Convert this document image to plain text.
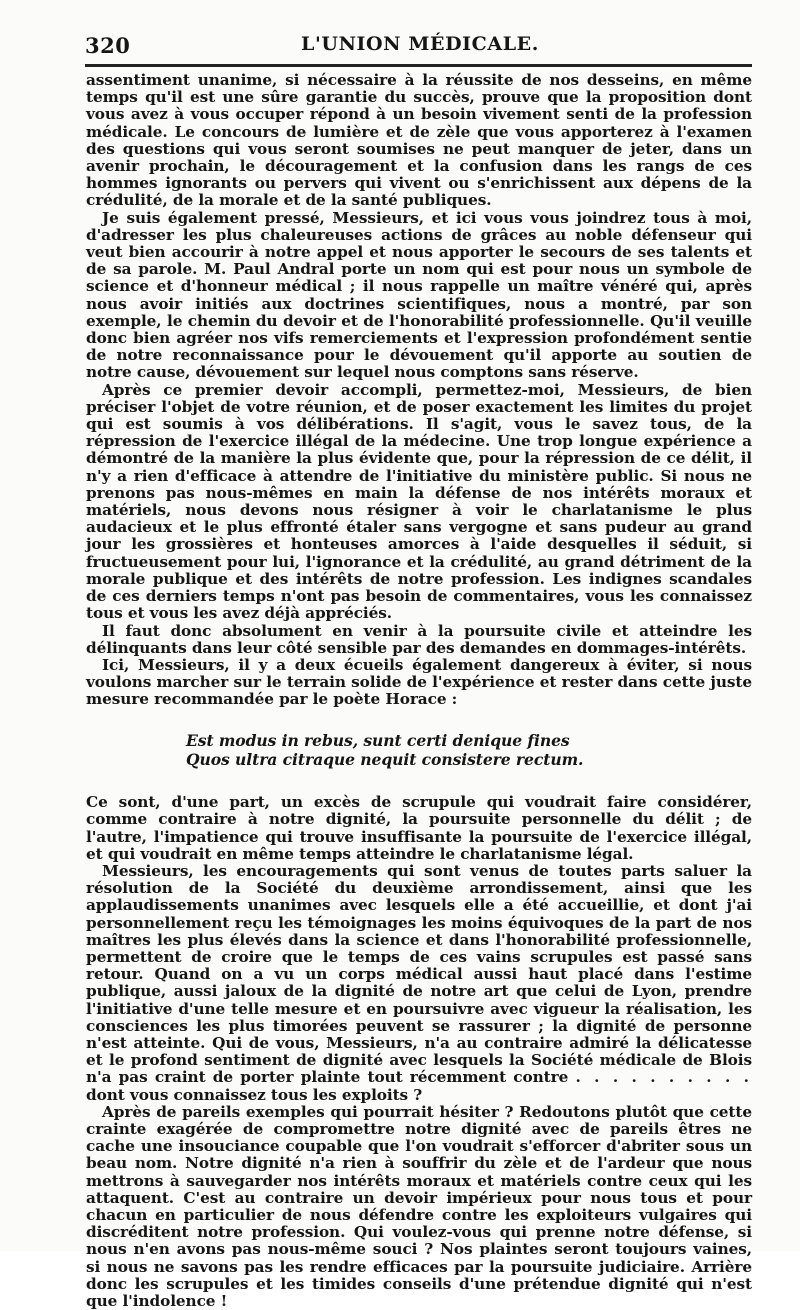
320	L'UNION MÉDICALE.

assentiment unanime, si nécessaire à la réussite de nos desseins, en même temps qu'il est une sûre garantie du succès, prouve que la proposition dont vous avez à vous occuper répond à un besoin vivement senti de la profession médicale. Le concours de lumière et de zèle que vous apporterez à l'examen des questions qui vous seront soumises ne peut manquer de jeter, dans un avenir prochain, le découragement et la confusion dans les rangs de ces hommes ignorants ou pervers qui vivent ou s'enrichissent aux dépens de la crédulité, de la morale et de la santé publiques.

Je suis également pressé, Messieurs, et ici vous vous joindrez tous à moi, d'adresser les plus chaleureuses actions de grâces au noble défenseur qui veut bien accourir à notre appel et nous apporter le secours de ses talents et de sa parole. M. Paul Andral porte un nom qui est pour nous un symbole de science et d'honneur médical ; il nous rappelle un maître vénéré qui, après nous avoir initiés aux doctrines scientifiques, nous a montré, par son exemple, le chemin du devoir et de l'honorabilité professionnelle. Qu'il veuille donc bien agréer nos vifs remerciements et l'expression profondément sentie de notre reconnaissance pour le dévouement qu'il apporte au soutien de notre cause, dévouement sur lequel nous comptons sans réserve.

Après ce premier devoir accompli, permettez-moi, Messieurs, de bien préciser l'objet de votre réunion, et de poser exactement les limites du projet qui est soumis à vos délibérations. Il s'agit, vous le savez tous, de la répression de l'exercice illégal de la médecine. Une trop longue expérience a démontré de la manière la plus évidente que, pour la répression de ce délit, il n'y a rien d'efficace à attendre de l'initiative du ministère public. Si nous ne prenons pas nous-mêmes en main la défense de nos intérêts moraux et matériels, nous devons nous résigner à voir le charlatanisme le plus audacieux et le plus effronté étaler sans vergogne et sans pudeur au grand jour les grossières et honteuses amorces à l'aide desquelles il séduit, si fructueusement pour lui, l'ignorance et la crédulité, au grand détriment de la morale publique et des intérêts de notre profession. Les indignes scandales de ces derniers temps n'ont pas besoin de commentaires, vous les connaissez tous et vous les avez déjà appréciés.

Il faut donc absolument en venir à la poursuite civile et atteindre les délinquants dans leur côté sensible par des demandes en dommages-intérêts.

Ici, Messieurs, il y a deux écueils également dangereux à éviter, si nous voulons marcher sur le terrain solide de l'expérience et rester dans cette juste mesure recommandée par le poète Horace :

Est modus in rebus, sunt certi denique fines
Quos ultra citraque nequit consistere rectum.

Ce sont, d'une part, un excès de scrupule qui voudrait faire considérer, comme contraire à notre dignité, la poursuite personnelle du délit ; de l'autre, l'impatience qui trouve insuffisante la poursuite de l'exercice illégal, et qui voudrait en même temps atteindre le charlatanisme légal.

Messieurs, les encouragements qui sont venus de toutes parts saluer la résolution de la Société du deuxième arrondissement, ainsi que les applaudissements unanimes avec lesquels elle a été accueillie, et dont j'ai personnellement reçu les témoignages les moins équivoques de la part de nos maîtres les plus élevés dans la science et dans l'honorabilité professionnelle, permettent de croire que le temps de ces vains scrupules est passé sans retour. Quand on a vu un corps médical aussi haut placé dans l'estime publique, aussi jaloux de la dignité de notre art que celui de Lyon, prendre l'initiative d'une telle mesure et en poursuivre avec vigueur la réalisation, les consciences les plus timorées peuvent se rassurer ; la dignité de personne n'est atteinte. Qui de vous, Messieurs, n'a au contraire admiré la délicatesse et le profond sentiment de dignité avec lesquels la Société médicale de Blois n'a pas craint de porter plainte tout récemment contre . . . . . . . . . . dont vous connaissez tous les exploits ?

Après de pareils exemples qui pourrait hésiter ? Redoutons plutôt que cette crainte exagérée de compromettre notre dignité avec de pareils êtres ne cache une insouciance coupable que l'on voudrait s'efforcer d'abriter sous un beau nom. Notre dignité n'a rien à souffrir du zèle et de l'ardeur que nous mettrons à sauvegarder nos intérêts moraux et matériels contre ceux qui les attaquent. C'est au contraire un devoir impérieux pour nous tous et pour chacun en particulier de nous défendre contre les exploiteurs vulgaires qui discréditent notre profession. Qui voulez-vous qui prenne notre défense, si nous n'en avons pas nous-même souci ? Nos plaintes seront toujours vaines, si nous ne savons pas les rendre efficaces par la poursuite judiciaire. Arrière donc les scrupules et les timides conseils d'une prétendue dignité qui n'est que l'indolence !
